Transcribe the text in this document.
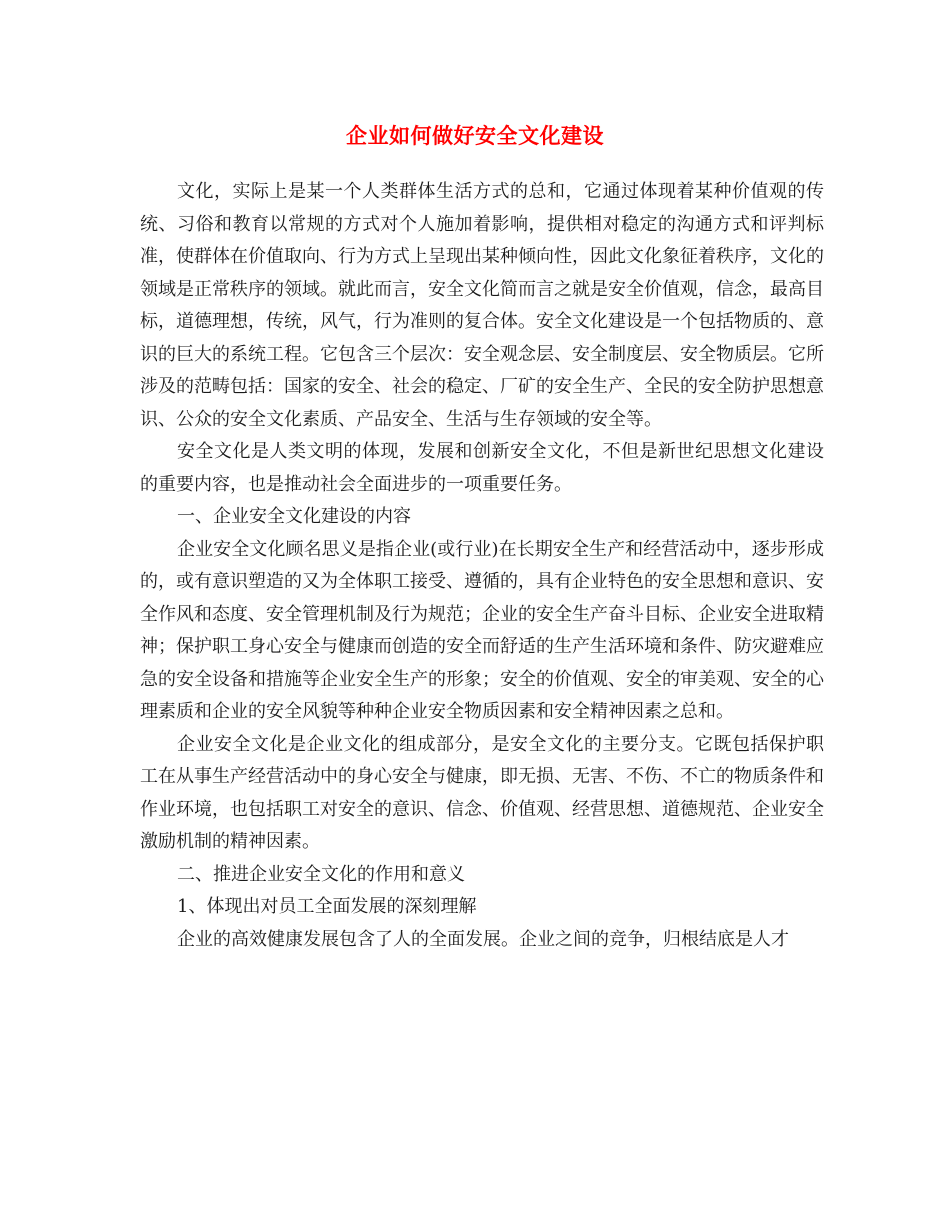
企业如何做好安全文化建设

文化，实际上是某一个人类群体生活方式的总和，它通过体现着某种价值观的传统、习俗和教育以常规的方式对个人施加着影响，提供相对稳定的沟通方式和评判标准，使群体在价值取向、行为方式上呈现出某种倾向性，因此文化象征着秩序，文化的领域是正常秩序的领域。就此而言，安全文化简而言之就是安全价值观，信念，最高目标，道德理想，传统，风气，行为准则的复合体。安全文化建设是一个包括物质的、意识的巨大的系统工程。它包含三个层次：安全观念层、安全制度层、安全物质层。它所涉及的范畴包括：国家的安全、社会的稳定、厂矿的安全生产、全民的安全防护思想意识、公众的安全文化素质、产品安全、生活与生存领域的安全等。

安全文化是人类文明的体现，发展和创新安全文化，不但是新世纪思想文化建设的重要内容，也是推动社会全面进步的一项重要任务。

一、企业安全文化建设的内容

企业安全文化顾名思义是指企业(或行业)在长期安全生产和经营活动中，逐步形成的，或有意识塑造的又为全体职工接受、遵循的，具有企业特色的安全思想和意识、安全作风和态度、安全管理机制及行为规范；企业的安全生产奋斗目标、企业安全进取精神；保护职工身心安全与健康而创造的安全而舒适的生产生活环境和条件、防灾避难应急的安全设备和措施等企业安全生产的形象；安全的价值观、安全的审美观、安全的心理素质和企业的安全风貌等种种企业安全物质因素和安全精神因素之总和。

企业安全文化是企业文化的组成部分，是安全文化的主要分支。它既包括保护职工在从事生产经营活动中的身心安全与健康，即无损、无害、不伤、不亡的物质条件和作业环境，也包括职工对安全的意识、信念、价值观、经营思想、道德规范、企业安全激励机制的精神因素。

二、推进企业安全文化的作用和意义

1、体现出对员工全面发展的深刻理解

企业的高效健康发展包含了人的全面发展。企业之间的竞争，归根结底是人才
